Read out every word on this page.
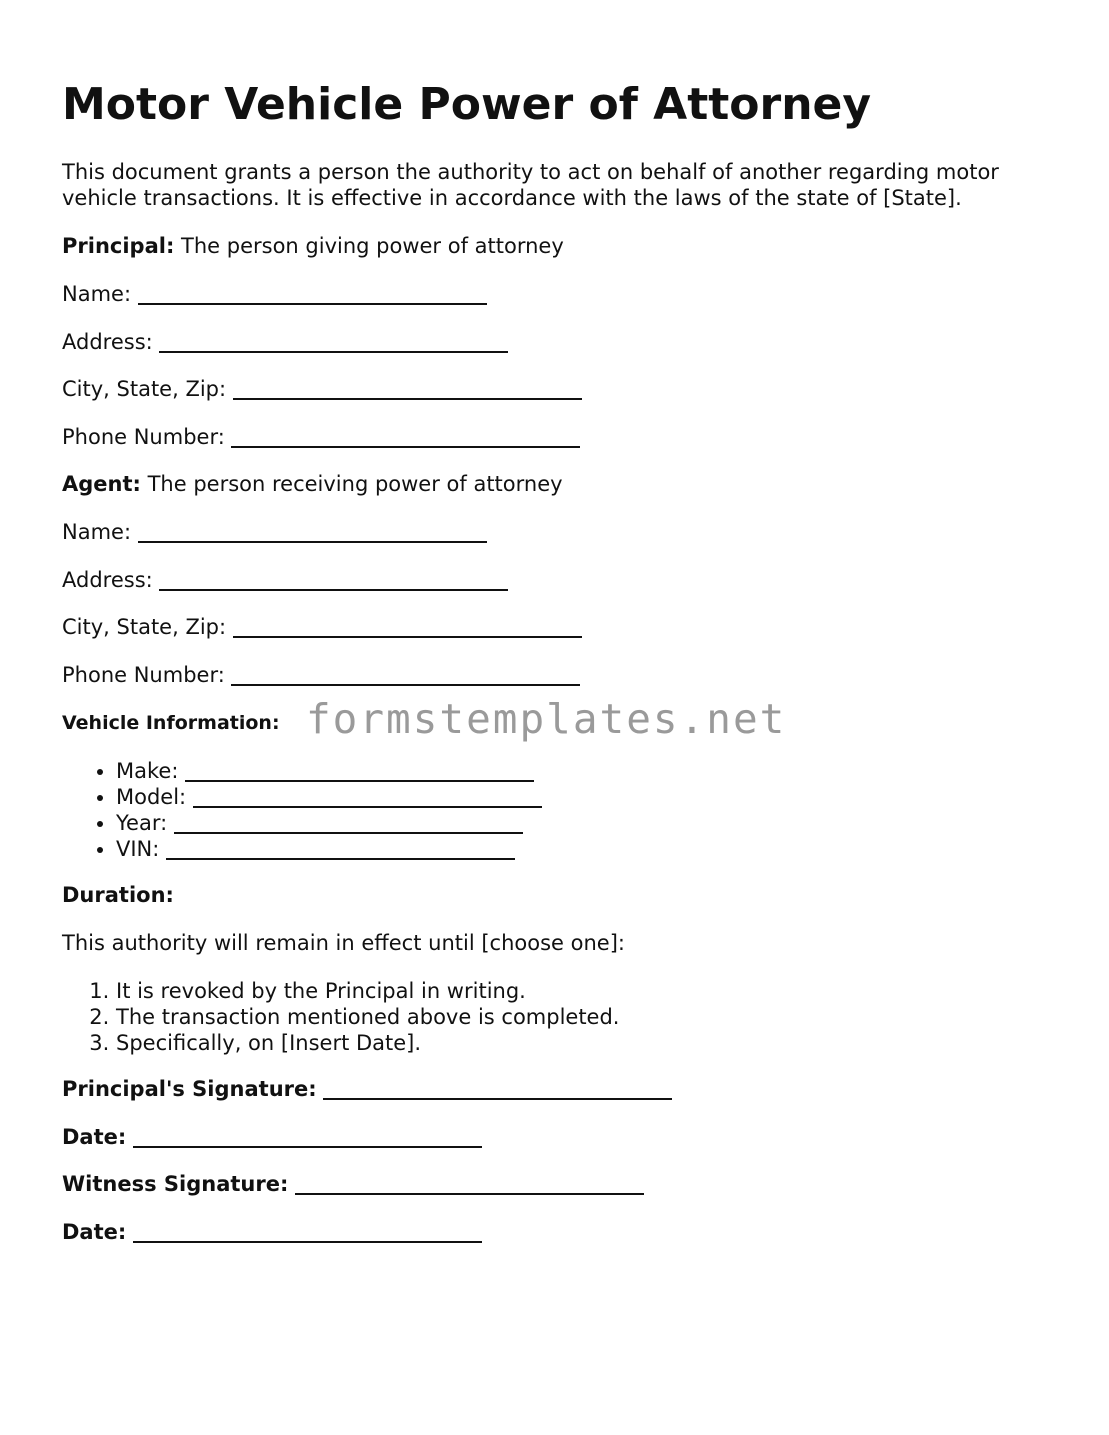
Motor Vehicle Power of Attorney

This document grants a person the authority to act on behalf of another regarding motor vehicle transactions. It is effective in accordance with the laws of the state of [State].

Principal: The person giving power of attorney

Name:

Address:

City, State, Zip:

Phone Number:

Agent: The person receiving power of attorney

Name:

Address:

City, State, Zip:

Phone Number:

Vehicle Information:

• Make:
• Model:
• Year:
• VIN:

Duration:

This authority will remain in effect until [choose one]:

1. It is revoked by the Principal in writing.
2. The transaction mentioned above is completed.
3. Specifically, on [Insert Date].

Principal's Signature:

Date:

Witness Signature:

Date:

formstemplates.net
